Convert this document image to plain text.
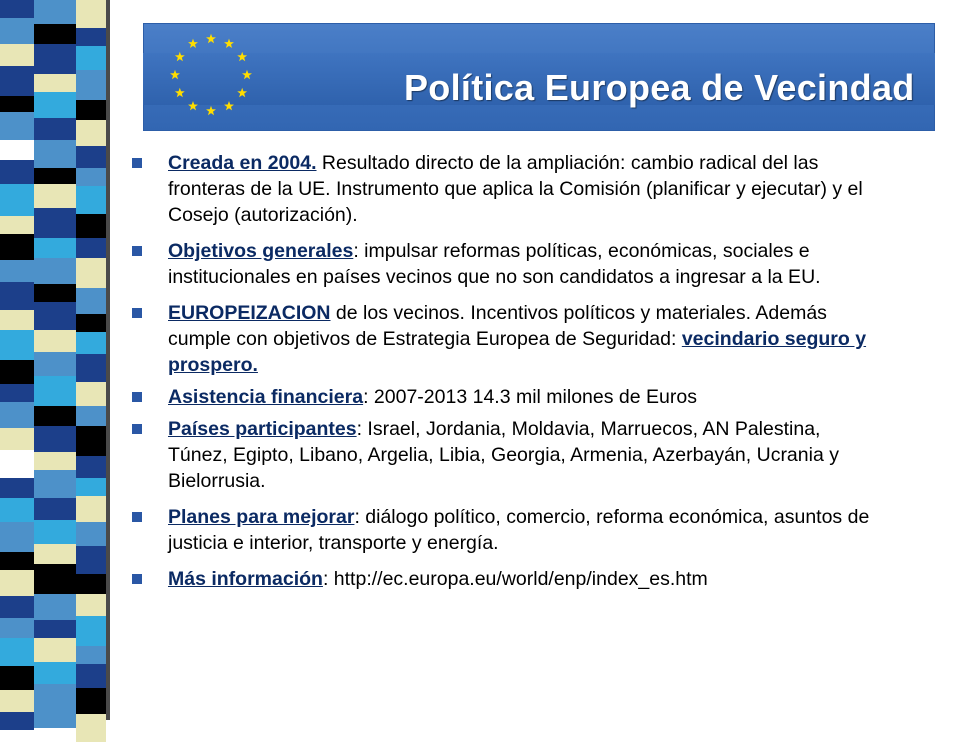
Política Europea de Vecindad
Creada en 2004. Resultado directo de la ampliación: cambio radical del las fronteras de la UE. Instrumento que aplica la Comisión (planificar y ejecutar) y el Cosejo (autorización).
Objetivos generales: impulsar reformas políticas, económicas, sociales e institucionales en países vecinos que no son candidatos a ingresar a la EU.
EUROPEIZACION de los vecinos. Incentivos políticos y materiales. Además cumple con objetivos de Estrategia Europea de Seguridad: vecindario seguro y prospero.
Asistencia financiera: 2007-2013 14.3 mil milones de Euros
Países participantes: Israel, Jordania, Moldavia, Marruecos, AN Palestina, Túnez, Egipto, Libano, Argelia, Libia, Georgia, Armenia, Azerbayán, Ucrania y Bielorrusia.
Planes para mejorar: diálogo político, comercio, reforma económica, asuntos de justicia e interior, transporte y energía.
Más información: http://ec.europa.eu/world/enp/index_es.htm
